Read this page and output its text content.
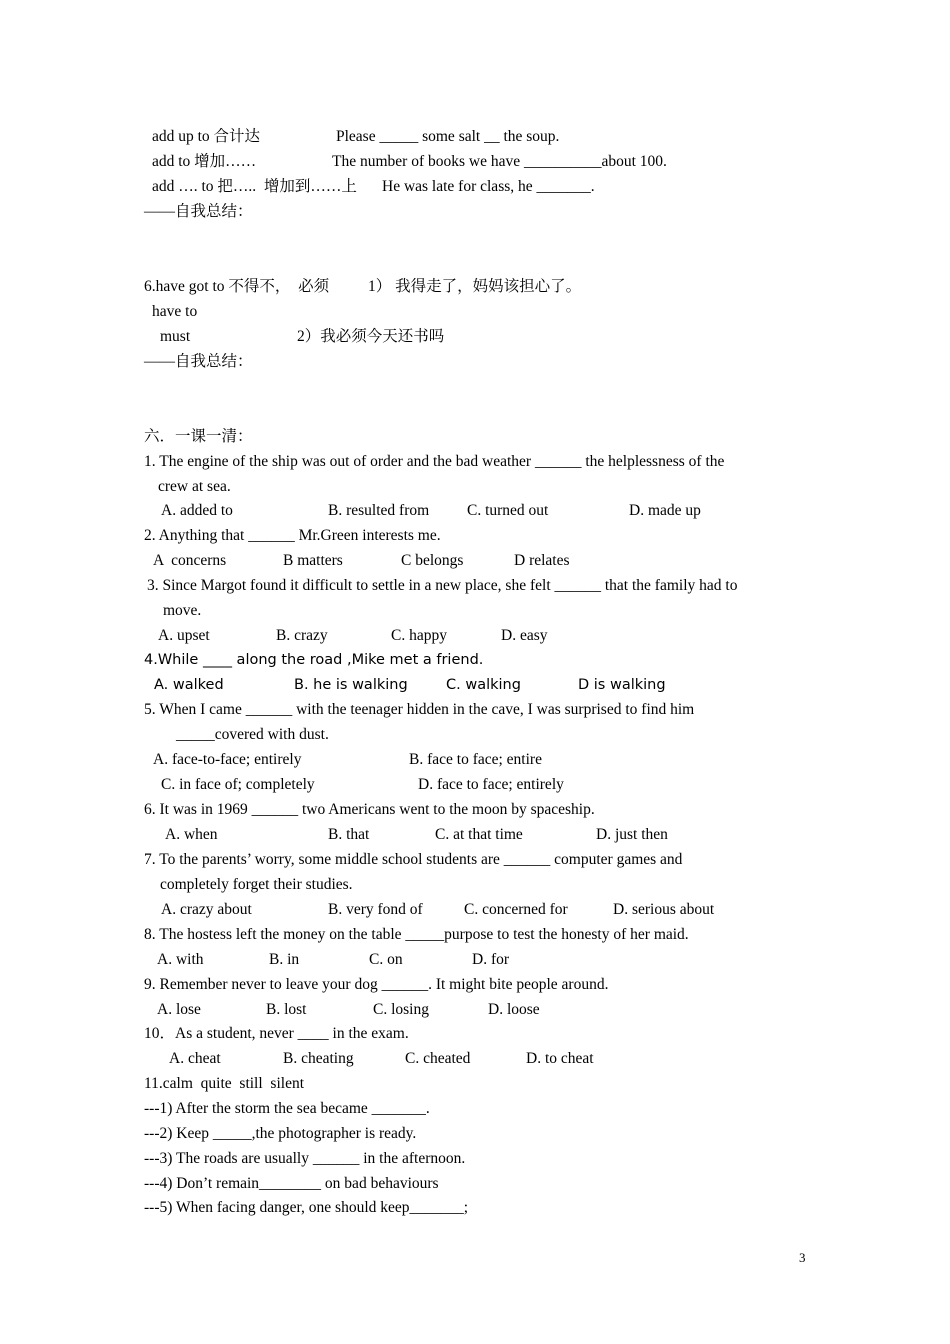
add up to 合计达	Please _____ some salt __ the soup.
add to 增加……	The number of books we have __________about 100.
add …. to 把…..  增加到……上 He was late for class, he _______.
——自我总结：
6.have got to 不得不，  必须	1） 我得走了，妈妈该担心了。
have to
must	2）我必须今天还书吗
——自我总结：
六．一课一清：
1. The engine of the ship was out of order and the bad weather ______ the helplessness of the
crew at sea.
A. added to	B. resulted from C. turned out	D. made up
2. Anything that ______ Mr.Green interests me.
A  concerns	B matters	C belongs	D relates
3. Since Margot found it difficult to settle in a new place, she felt ______ that the family had to
move.
A. upset	B. crazy	C. happy	D. easy
4.While ____ along the road ,Mike met a friend.
A. walked	B. he is walking	C. walking	D is walking
5. When I came ______ with the teenager hidden in the cave, I was surprised to find him
_____covered with dust.
A. face-to-face; entirely	B. face to face; entire
C. in face of; completely	D. face to face; entirely
6. It was in 1969 ______ two Americans went to the moon by spaceship.
A. when	B. that	C. at that time	D. just then
7. To the parents’ worry, some middle school students are ______ computer games and
completely forget their studies.
A. crazy about	B. very fond of	C. concerned for	D. serious about
8. The hostess left the money on the table _____purpose to test the honesty of her maid.
A. with	B. in	C. on	D. for
9. Remember never to leave your dog ______. It might bite people around.
A. lose	B. lost	C. losing	D. loose
10．As a student, never ____ in the exam.
A. cheat	B. cheating	C. cheated	D. to cheat
11.calm  quite  still  silent
---1) After the storm the sea became _______.
---2) Keep _____,the photographer is ready.
---3) The roads are usually ______ in the afternoon.
---4) Don’t remain________ on bad behaviours
---5) When facing danger, one should keep_______;
3
